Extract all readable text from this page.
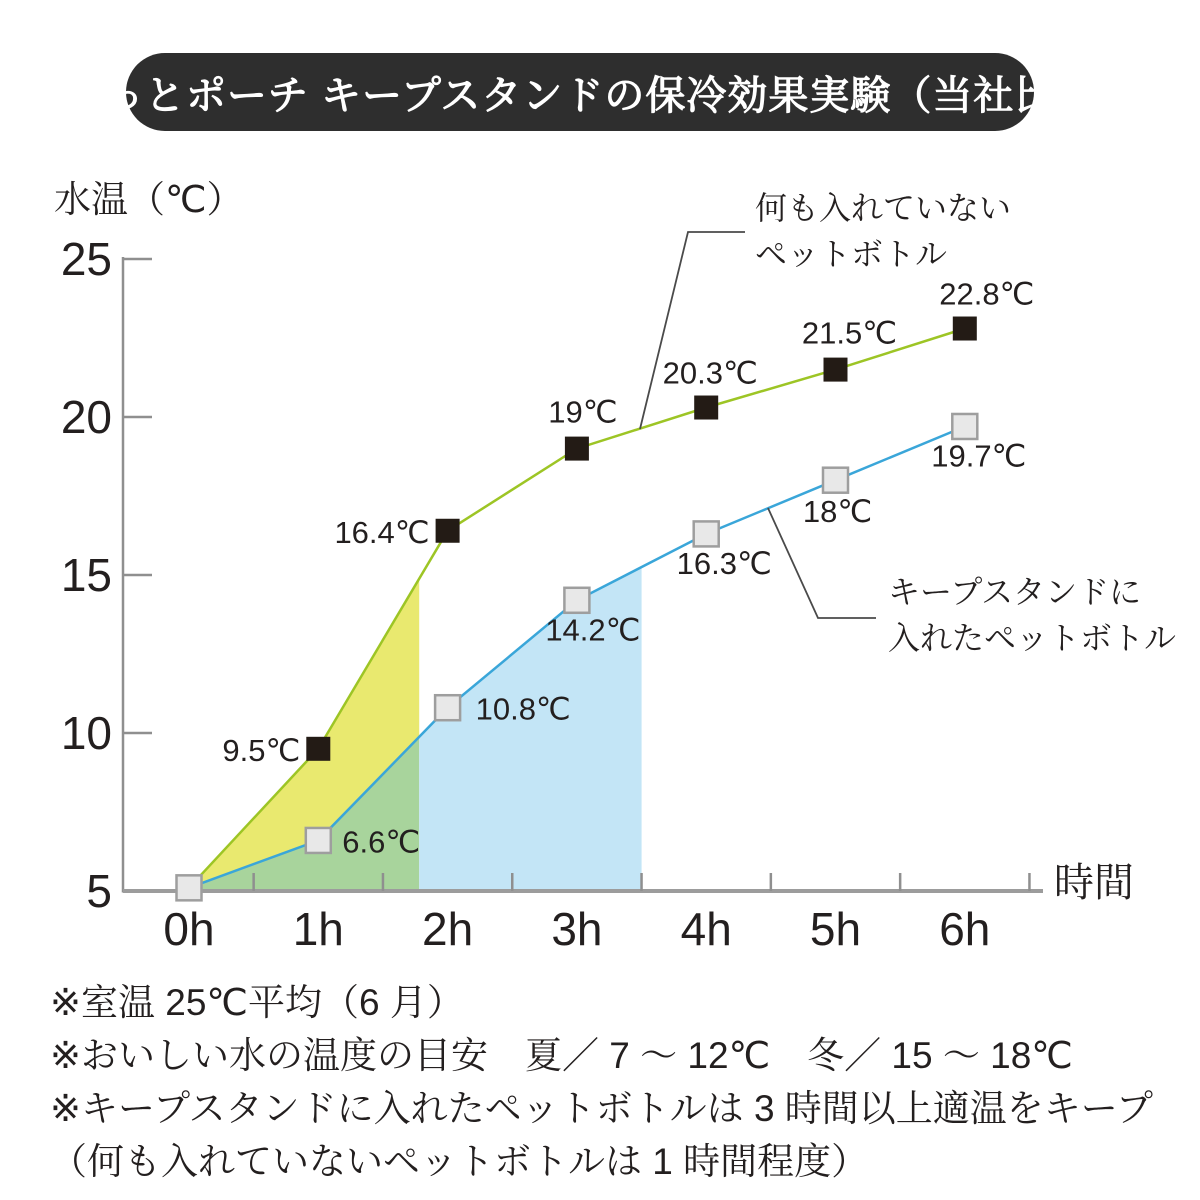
どっとポーチ キープスタンドの保冷効果実験（当社比）
水温（℃）
時間
25
20
15
10
5
0h 1h 2h 3h 4h 5h 6h
9.5℃
16.4℃
19℃
20.3℃
21.5℃
22.8℃
6.6℃
10.8℃
14.2℃
16.3℃
18℃
19.7℃
何も入れていない
ペットボトル
キープスタンドに
入れたペットボトル
※室温 25℃平均（6 月）
※おいしい水の温度の目安　夏／ 7 ～ 12℃　冬／ 15 ～ 18℃
※キープスタンドに入れたペットボトルは 3 時間以上適温をキープ
（何も入れていないペットボトルは 1 時間程度）
